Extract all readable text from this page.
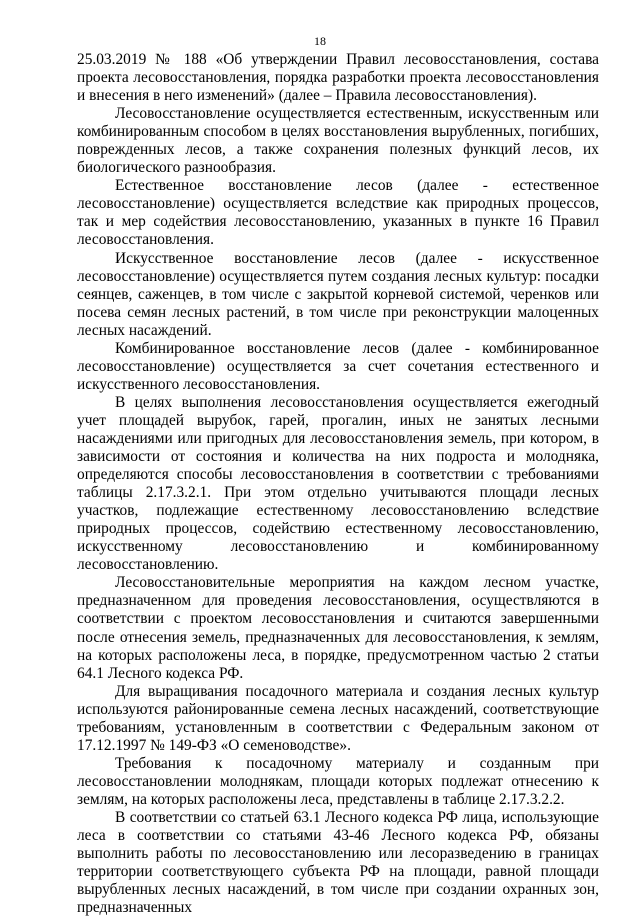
18

25.03.2019 № 188 «Об утверждении Правил лесовосстановления, состава проекта лесовосстановления, порядка разработки проекта лесовосстановления и внесения в него изменений» (далее – Правила лесовосстановления).

Лесовосстановление осуществляется естественным, искусственным или комбинированным способом в целях восстановления вырубленных, погибших, поврежденных лесов, а также сохранения полезных функций лесов, их биологического разнообразия.

Естественное восстановление лесов (далее - естественное лесовосстановление) осуществляется вследствие как природных процессов, так и мер содействия лесовосстановлению, указанных в пункте 16 Правил лесовосстановления.

Искусственное восстановление лесов (далее - искусственное лесовосстановление) осуществляется путем создания лесных культур: посадки сеянцев, саженцев, в том числе с закрытой корневой системой, черенков или посева семян лесных растений, в том числе при реконструкции малоценных лесных насаждений.

Комбинированное восстановление лесов (далее - комбинированное лесовосстановление) осуществляется за счет сочетания естественного и искусственного лесовосстановления.

В целях выполнения лесовосстановления осуществляется ежегодный учет площадей вырубок, гарей, прогалин, иных не занятых лесными насаждениями или пригодных для лесовосстановления земель, при котором, в зависимости от состояния и количества на них подроста и молодняка, определяются способы лесовосстановления в соответствии с требованиями таблицы 2.17.3.2.1. При этом отдельно учитываются площади лесных участков, подлежащие естественному лесовосстановлению вследствие природных процессов, содействию естественному лесовосстановлению, искусственному лесовосстановлению и комбинированному лесовосстановлению.

Лесовосстановительные мероприятия на каждом лесном участке, предназначенном для проведения лесовосстановления, осуществляются в соответствии с проектом лесовосстановления и считаются завершенными после отнесения земель, предназначенных для лесовосстановления, к землям, на которых расположены леса, в порядке, предусмотренном частью 2 статьи 64.1 Лесного кодекса РФ.

Для выращивания посадочного материала и создания лесных культур используются районированные семена лесных насаждений, соответствующие требованиям, установленным в соответствии с Федеральным законом от 17.12.1997 № 149-ФЗ «О семеноводстве».

Требования к посадочному материалу и созданным при лесовосстановлении молоднякам, площади которых подлежат отнесению к землям, на которых расположены леса, представлены в таблице 2.17.3.2.2.

В соответствии со статьей 63.1 Лесного кодекса РФ лица, использующие леса в соответствии со статьями 43-46 Лесного кодекса РФ, обязаны выполнить работы по лесовосстановлению или лесоразведению в границах территории соответствующего субъекта РФ на площади, равной площади вырубленных лесных насаждений, в том числе при создании охранных зон, предназначенных
